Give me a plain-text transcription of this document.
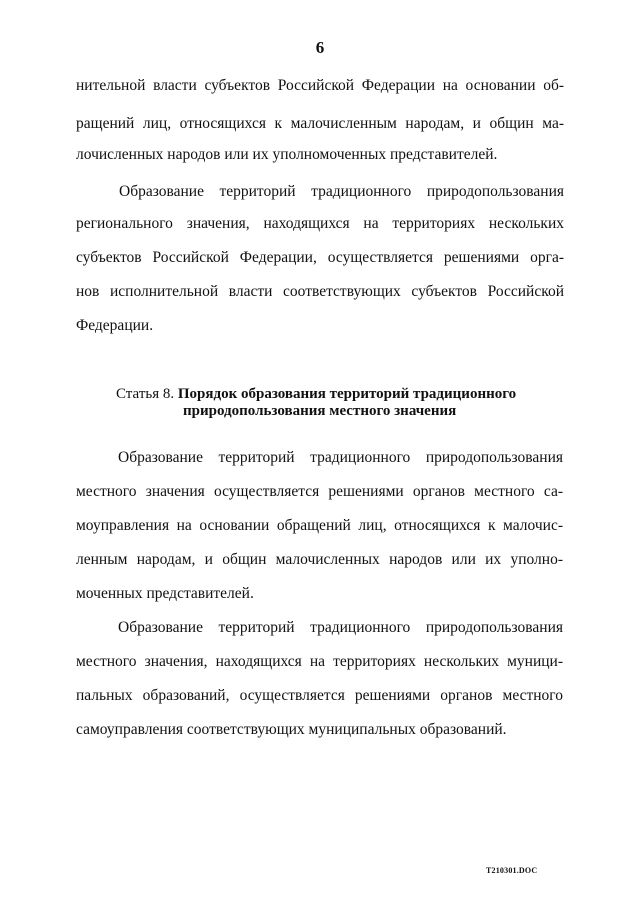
6
нительной власти субъектов Российской Федерации на основании об-
ращений лиц, относящихся к малочисленным народам, и общин ма-
лочисленных народов или их уполномоченных представителей.
Образование территорий традиционного природопользования
регионального значения, находящихся на территориях нескольких
субъектов Российской Федерации, осуществляется решениями орга-
нов исполнительной власти соответствующих субъектов Российской
Федерации.
Статья 8. Порядок образования территорий традиционного
природопользования местного значения
Образование территорий традиционного природопользования
местного значения осуществляется решениями органов местного са-
моуправления на основании обращений лиц, относящихся к малочис-
ленным народам, и общин малочисленных народов или их уполно-
моченных представителей.
Образование территорий традиционного природопользования
местного значения, находящихся на территориях нескольких муници-
пальных образований, осуществляется решениями органов местного
самоуправления соответствующих муниципальных образований.
T210301.DOC
